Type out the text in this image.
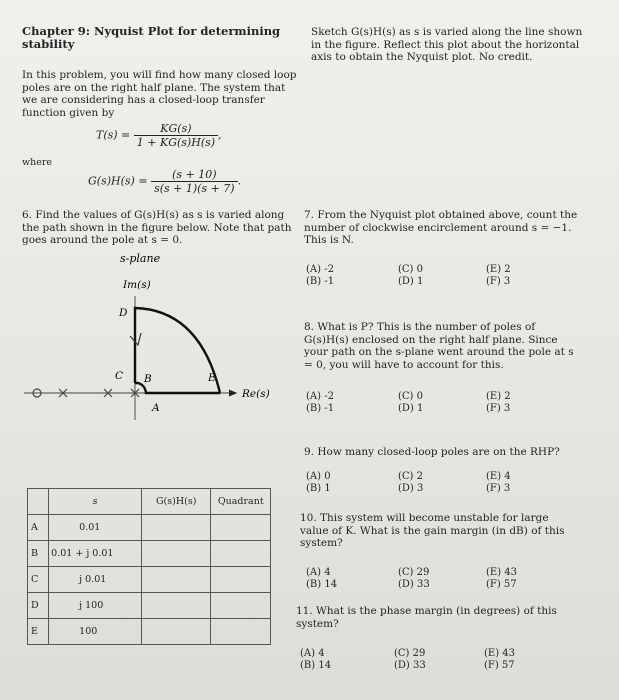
Chapter 9: Nyquist Plot for determining
stability
Sketch G(s)H(s) as s is varied along the line shown in the figure. Reflect this plot about the horizontal axis to obtain the Nyquist plot. No credit.
In this problem, you will find how many closed loop poles are on the right half plane. The system that we are considering has a closed-loop transfer function given by
$T(s) = \frac{KG(s)}{1 + KG(s)H(s)}$ ,
where
$G(s)H(s) = \frac{(s + 10)}{s(s + 1)(s + 7)}$ .
6. Find the values of G(s)H(s) as s is varied along the path shown in the figure below. Note that path goes around the pole at s = 0.
s-plane
Im(s)
Re(s)
A
B
C
D
E
	s	G(s)H(s)	Quadrant
A	0.01		
B	0.01 + j 0.01		
C	j 0.01		
D	j 100		
E	100		
7. From the Nyquist plot obtained above, count the number of clockwise encirclement around s = −1. This is N.
(A) -2	(C) 0	(E) 2
(B) -1	(D) 1	(F) 3
8. What is P? This is the number of poles of G(s)H(s) enclosed on the right half plane. Since your path on the s-plane went around the pole at s = 0, you will have to account for this.
(A) -2	(C) 0	(E) 2
(B) -1	(D) 1	(F) 3
9. How many closed-loop poles are on the RHP?
(A) 0	(C) 2	(E) 4
(B) 1	(D) 3	(F) 3
10. This system will become unstable for large value of K. What is the gain margin (in dB) of this system?
(A) 4	(C) 29	(E) 43
(B) 14	(D) 33	(F) 57
11. What is the phase margin (in degrees) of this system?
(A) 4	(C) 29	(E) 43
(B) 14	(D) 33	(F) 57
